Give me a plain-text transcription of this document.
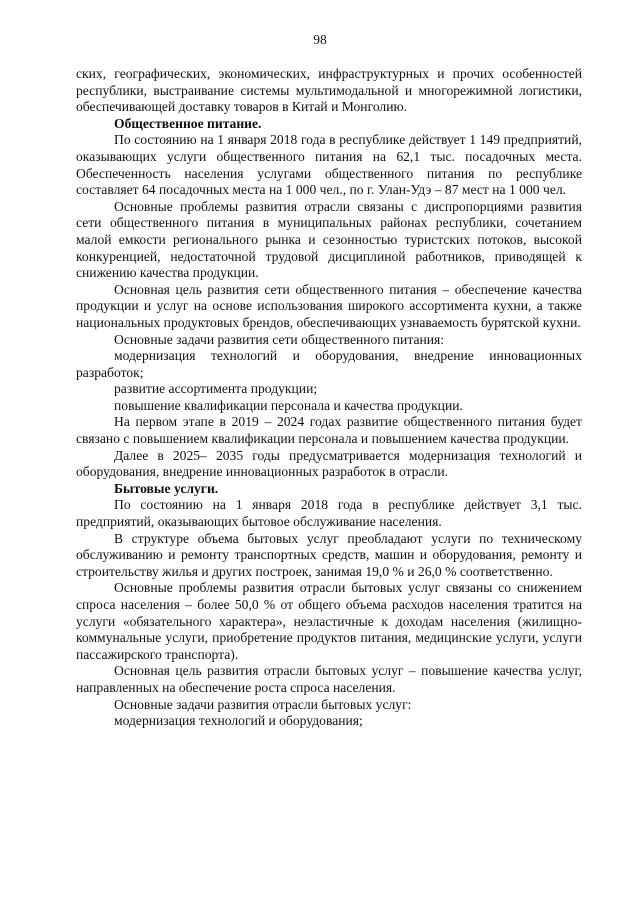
98

ских, географических, экономических, инфраструктурных и прочих особенностей республики, выстраивание системы мультимодальной и многорежимной логистики, обеспечивающей доставку товаров в Китай и Монголию.

Общественное питание.

По состоянию на 1 января 2018 года в республике действует 1 149 предприятий, оказывающих услуги общественного питания на 62,1 тыс. посадочных места. Обеспеченность населения услугами общественного питания по республике составляет 64 посадочных места на 1 000 чел., по г. Улан-Удэ – 87 мест на 1 000 чел.

Основные проблемы развития отрасли связаны с диспропорциями развития сети общественного питания в муниципальных районах республики, сочетанием малой емкости регионального рынка и сезонностью туристских потоков, высокой конкуренцией, недостаточной трудовой дисциплиной работников, приводящей к снижению качества продукции.

Основная цель развития сети общественного питания – обеспечение качества продукции и услуг на основе использования широкого ассортимента кухни, а также национальных продуктовых брендов, обеспечивающих узнаваемость бурятской кухни.

Основные задачи развития сети общественного питания:

модернизация технологий и оборудования, внедрение инновационных разработок;

развитие ассортимента продукции;

повышение квалификации персонала и качества продукции.

На первом этапе в 2019 – 2024 годах развитие общественного питания будет связано с повышением квалификации персонала и повышением качества продукции.

Далее в 2025– 2035 годы предусматривается модернизация технологий и оборудования, внедрение инновационных разработок в отрасли.

Бытовые услуги.

По состоянию на 1 января 2018 года в республике действует 3,1 тыс. предприятий, оказывающих бытовое обслуживание населения.

В структуре объема бытовых услуг преобладают услуги по техническому обслуживанию и ремонту транспортных средств, машин и оборудования, ремонту и строительству жилья и других построек, занимая 19,0 % и 26,0 % соответственно.

Основные проблемы развития отрасли бытовых услуг связаны со снижением спроса населения – более 50,0 % от общего объема расходов населения тратится на услуги «обязательного характера», неэластичные к доходам населения (жилищно-коммунальные услуги, приобретение продуктов питания, медицинские услуги, услуги пассажирского транспорта).

Основная цель развития отрасли бытовых услуг – повышение качества услуг, направленных на обеспечение роста спроса населения.

Основные задачи развития отрасли бытовых услуг:

модернизация технологий и оборудования;
